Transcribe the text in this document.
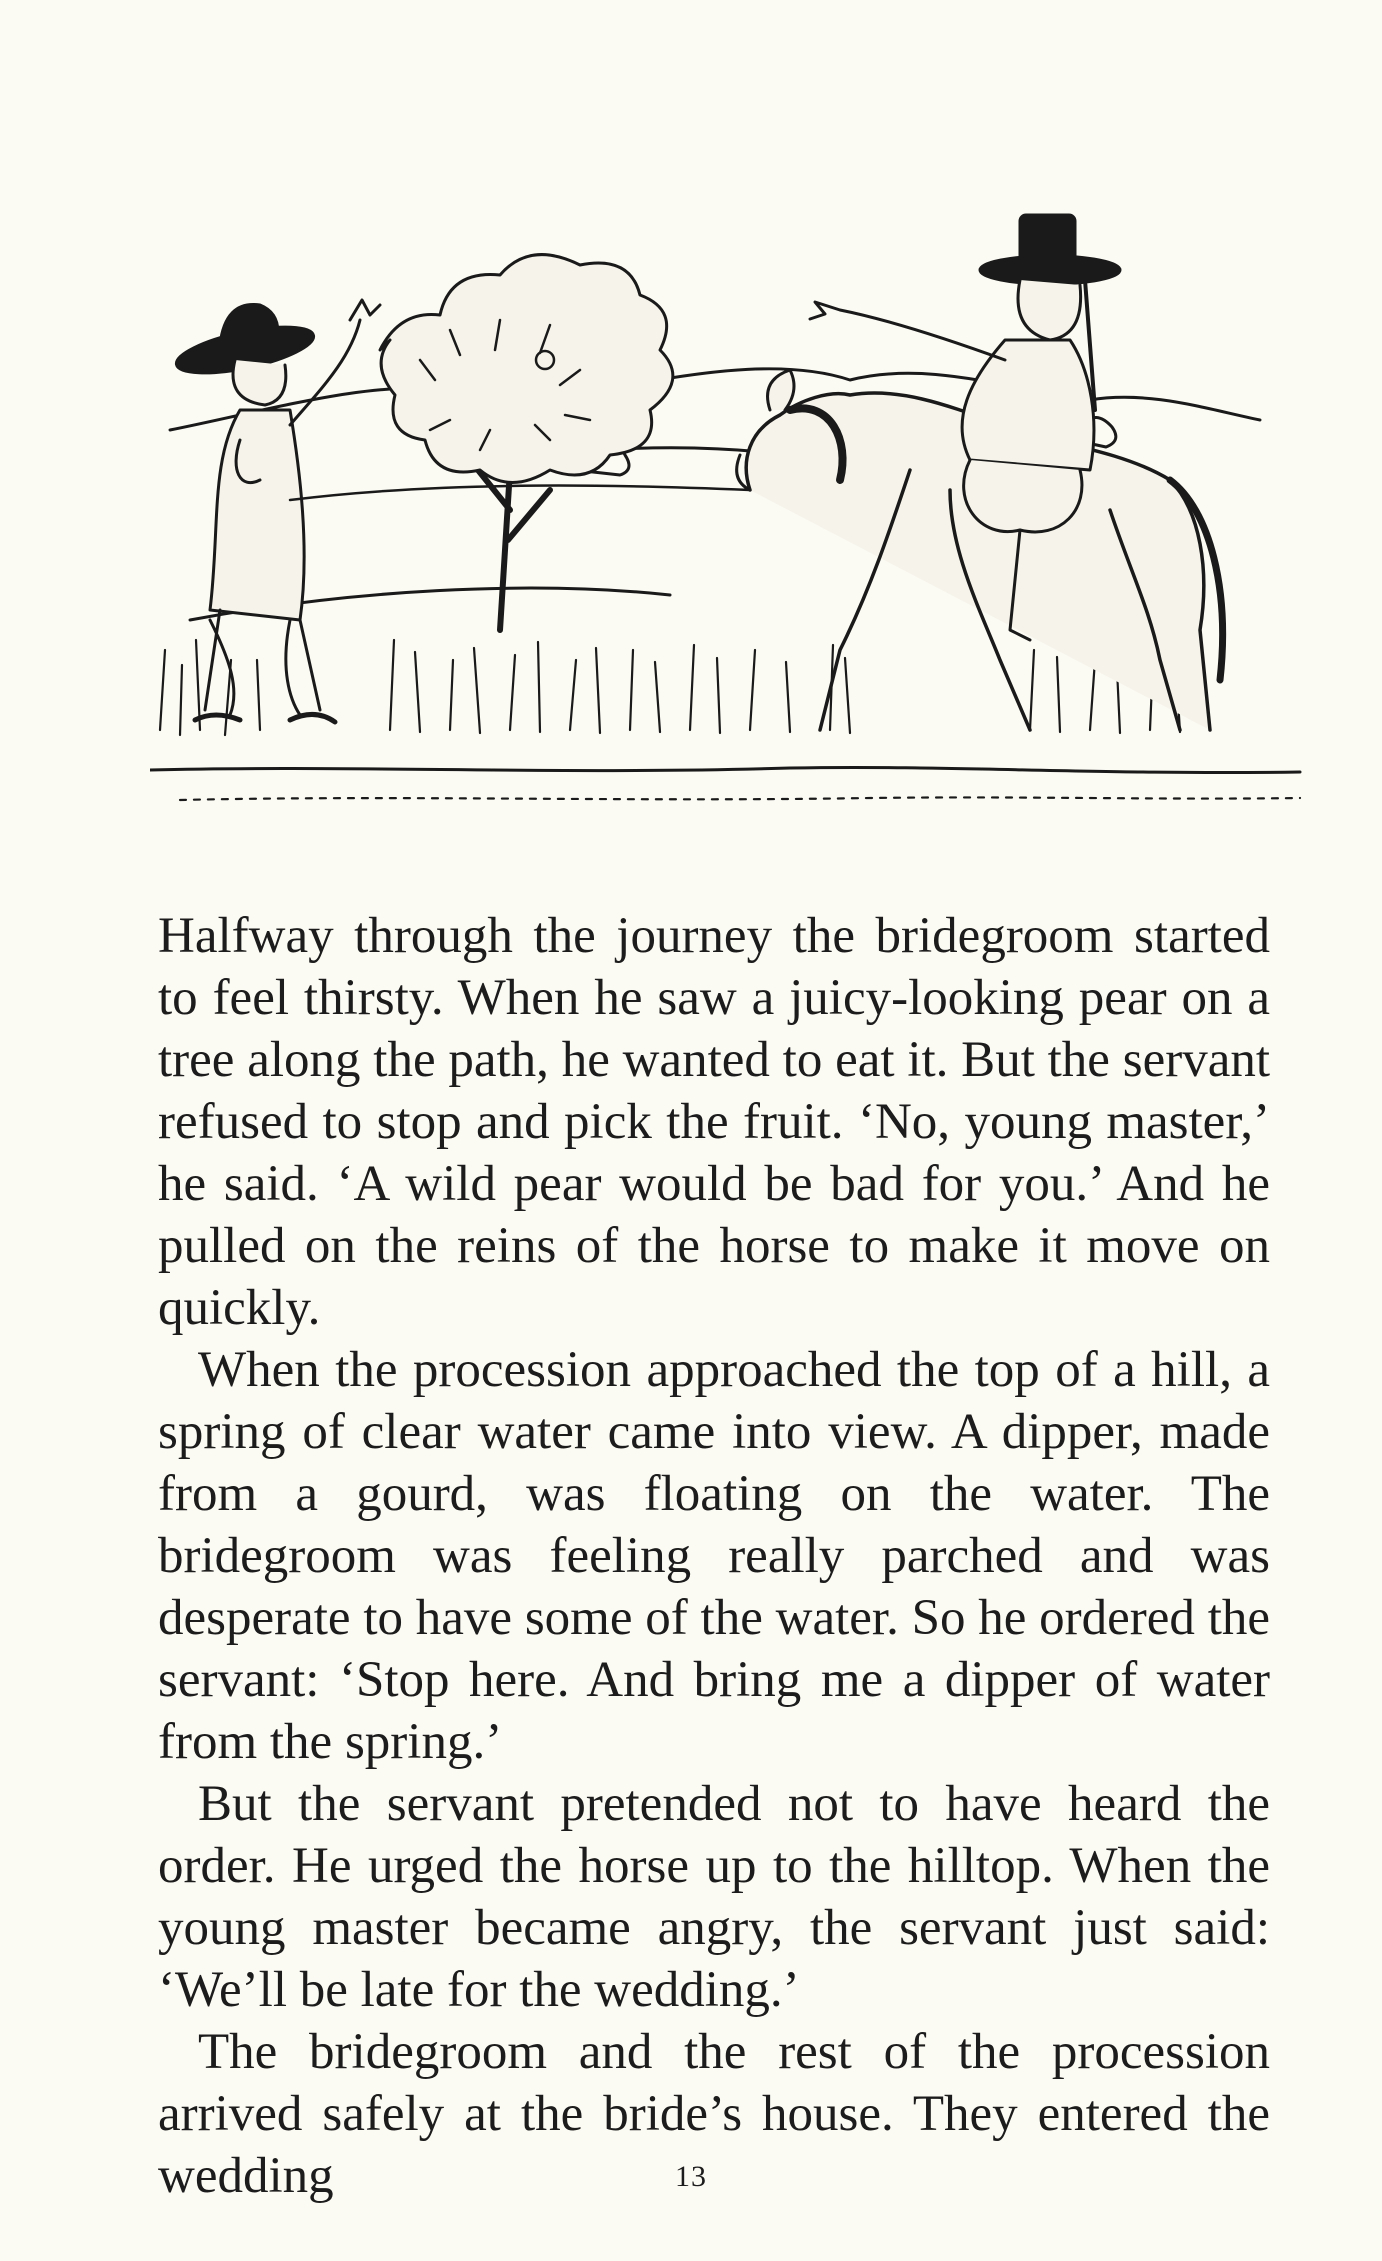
Halfway through the journey the bridegroom started to feel thirsty. When he saw a juicy-looking pear on a tree along the path, he wanted to eat it. But the servant refused to stop and pick the fruit. ‘No, young master,’ he said. ‘A wild pear would be bad for you.’ And he pulled on the reins of the horse to make it move on quickly.

When the procession approached the top of a hill, a spring of clear water came into view. A dipper, made from a gourd, was floating on the water. The bridegroom was feeling really parched and was desperate to have some of the water. So he ordered the servant: ‘Stop here. And bring me a dipper of water from the spring.’

But the servant pretended not to have heard the order. He urged the horse up to the hilltop. When the young master became angry, the servant just said: ‘We’ll be late for the wedding.’

The bridegroom and the rest of the procession arrived safely at the bride’s house. They entered the wedding	13
